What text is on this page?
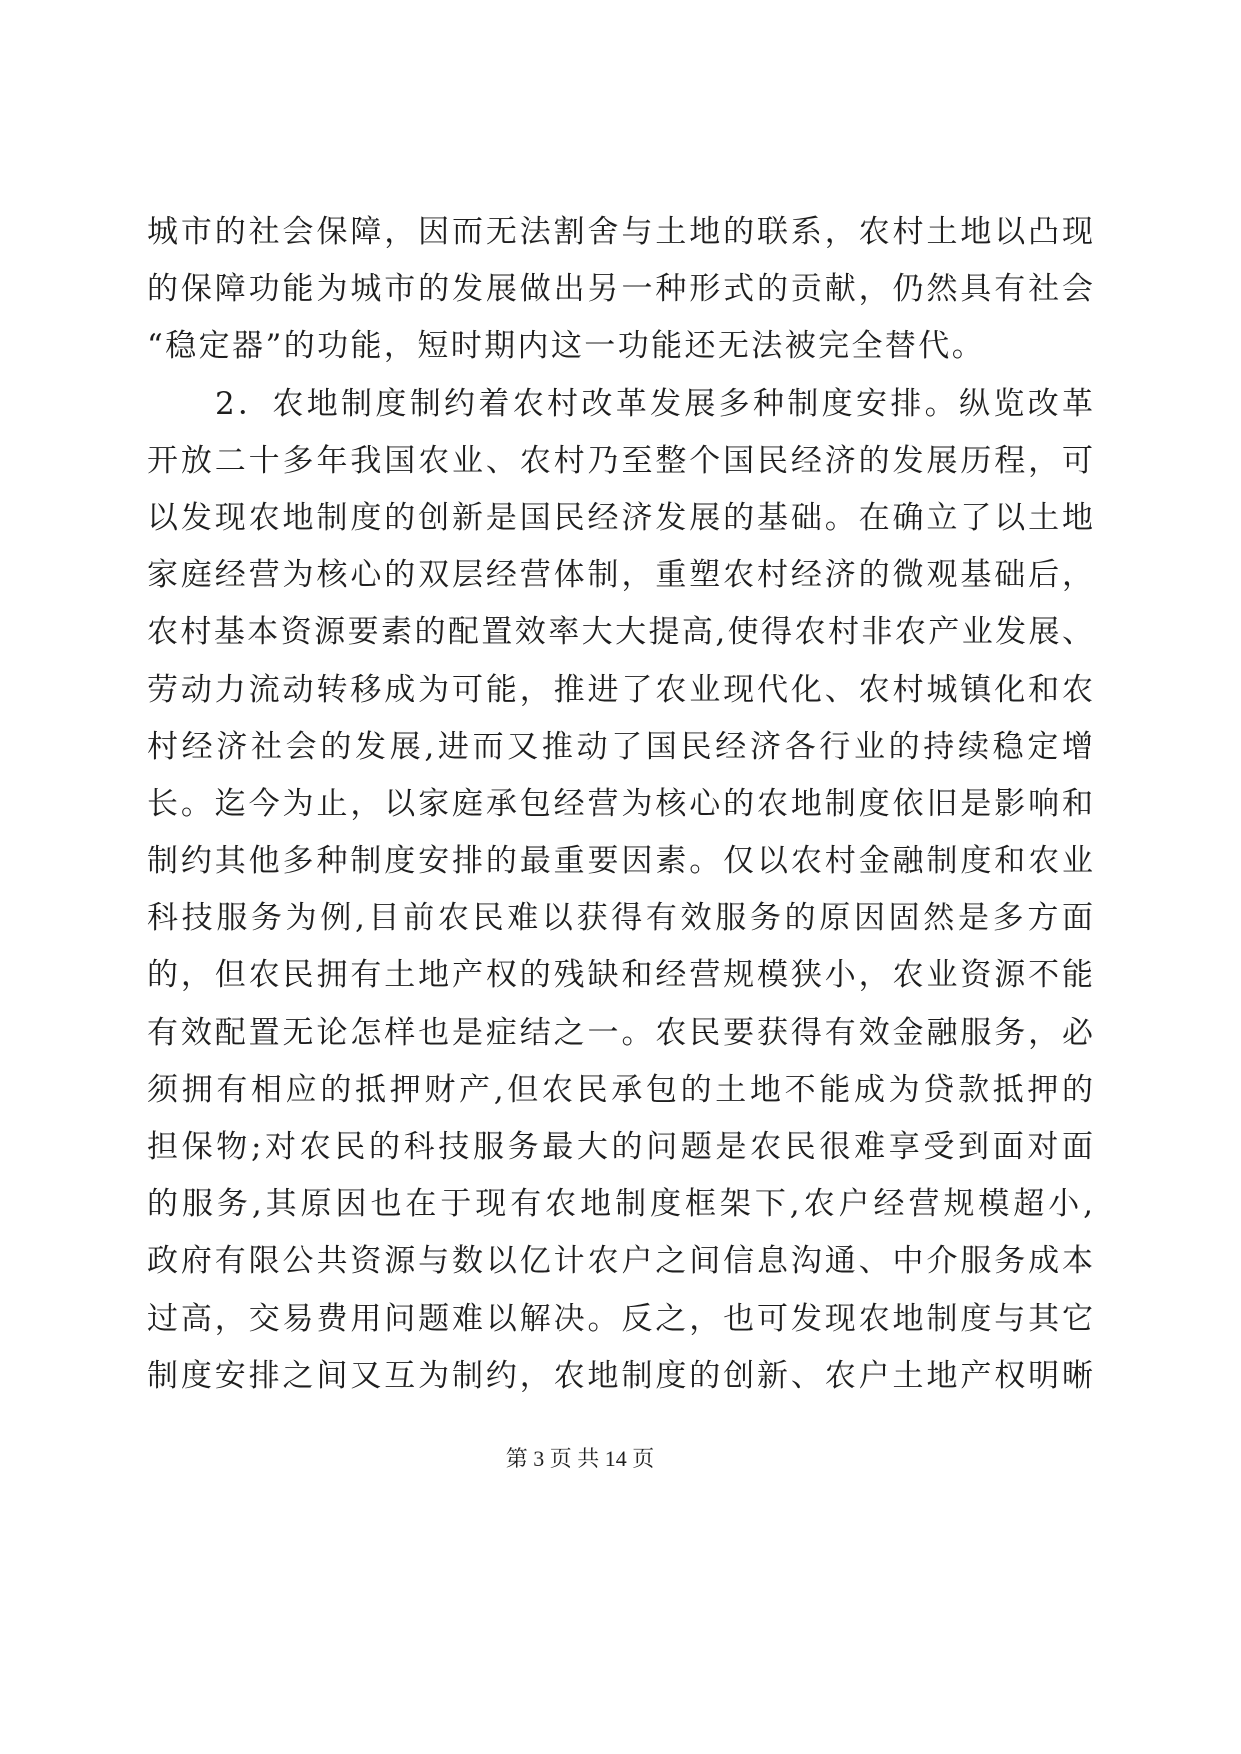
城市的社会保障，因而无法割舍与土地的联系，农村土地以凸现
的保障功能为城市的发展做出另一种形式的贡献，仍然具有社会
“稳定器”的功能，短时期内这一功能还无法被完全替代。
2．农地制度制约着农村改革发展多种制度安排。纵览改革
开放二十多年我国农业、农村乃至整个国民经济的发展历程，可
以发现农地制度的创新是国民经济发展的基础。在确立了以土地
家庭经营为核心的双层经营体制，重塑农村经济的微观基础后，
农村基本资源要素的配置效率大大提高,使得农村非农产业发展、
劳动力流动转移成为可能，推进了农业现代化、农村城镇化和农
村经济社会的发展,进而又推动了国民经济各行业的持续稳定增
长。迄今为止，以家庭承包经营为核心的农地制度依旧是影响和
制约其他多种制度安排的最重要因素。仅以农村金融制度和农业
科技服务为例,目前农民难以获得有效服务的原因固然是多方面
的，但农民拥有土地产权的残缺和经营规模狭小，农业资源不能
有效配置无论怎样也是症结之一。农民要获得有效金融服务，必
须拥有相应的抵押财产,但农民承包的土地不能成为贷款抵押的
担保物;对农民的科技服务最大的问题是农民很难享受到面对面
的服务,其原因也在于现有农地制度框架下,农户经营规模超小,
政府有限公共资源与数以亿计农户之间信息沟通、中介服务成本
过高，交易费用问题难以解决。反之，也可发现农地制度与其它
制度安排之间又互为制约，农地制度的创新、农户土地产权明晰
第 3 页 共 14 页
